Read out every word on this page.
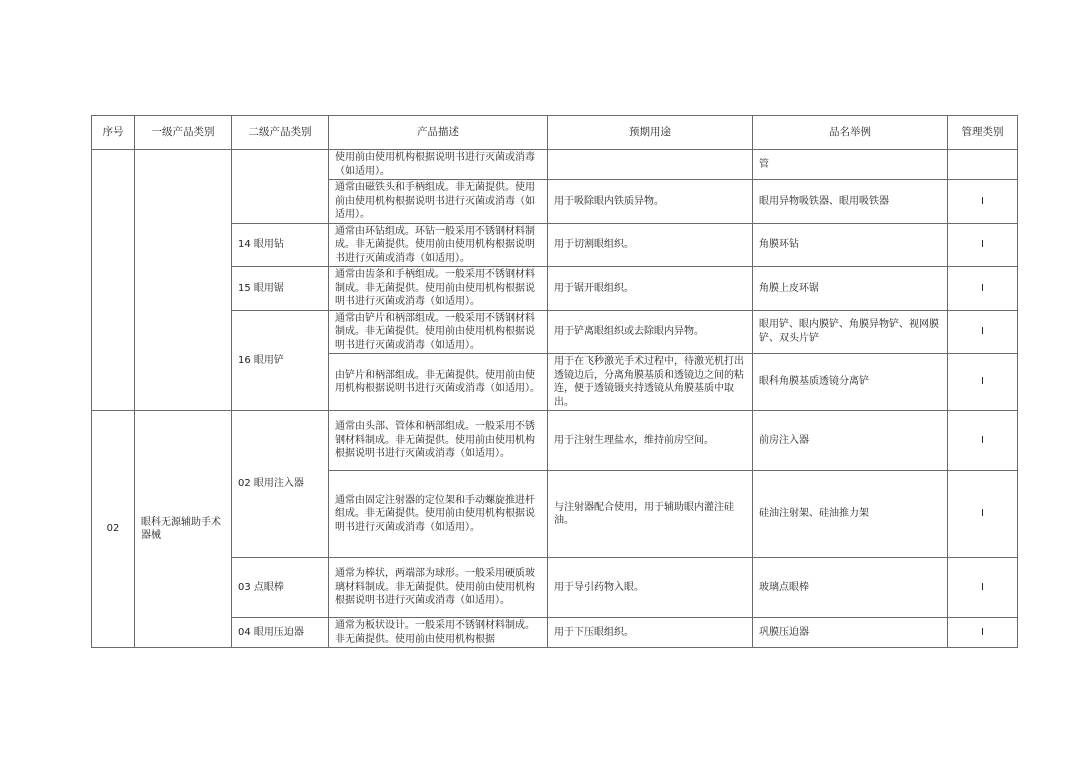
序号	一级产品类别	二级产品类别	产品描述	预期用途	品名举例	管理类别
			使用前由使用机构根据说明书进行灭菌或消毒（如适用）。		管	
			通常由磁铁头和手柄组成。非无菌提供。使用前由使用机构根据说明书进行灭菌或消毒（如适用）。	用于吸除眼内铁质异物。	眼用异物吸铁器、眼用吸铁器	I
		14 眼用钻	通常由环钻组成。环钻一般采用不锈钢材料制成。非无菌提供。使用前由使用机构根据说明书进行灭菌或消毒（如适用）。	用于切割眼组织。	角膜环钻	I
		15 眼用锯	通常由齿条和手柄组成。一般采用不锈钢材料制成。非无菌提供。使用前由使用机构根据说明书进行灭菌或消毒（如适用）。	用于锯开眼组织。	角膜上皮环锯	I
		16 眼用铲	通常由铲片和柄部组成。一般采用不锈钢材料制成。非无菌提供。使用前由使用机构根据说明书进行灭菌或消毒（如适用）。	用于铲离眼组织或去除眼内异物。	眼用铲、眼内膜铲、角膜异物铲、视网膜铲、双头片铲	I
			由铲片和柄部组成。非无菌提供。使用前由使用机构根据说明书进行灭菌或消毒（如适用）。	用于在飞秒激光手术过程中，待激光机打出透镜边后，分离角膜基质和透镜边之间的粘连，便于透镜镊夹持透镜从角膜基质中取出。	眼科角膜基质透镜分离铲	I
02	眼科无源辅助手术器械	02 眼用注入器	通常由头部、管体和柄部组成。一般采用不锈钢材料制成。非无菌提供。使用前由使用机构根据说明书进行灭菌或消毒（如适用）。	用于注射生理盐水，维持前房空间。	前房注入器	I
			通常由固定注射器的定位架和手动螺旋推进杆组成。非无菌提供。使用前由使用机构根据说明书进行灭菌或消毒（如适用）。	与注射器配合使用，用于辅助眼内灌注硅油。	硅油注射架、硅油推力架	I
		03 点眼棒	通常为棒状，两端部为球形。一般采用硬质玻璃材料制成。非无菌提供。使用前由使用机构根据说明书进行灭菌或消毒（如适用）。	用于导引药物入眼。	玻璃点眼棒	I
		04 眼用压迫器	通常为板状设计。一般采用不锈钢材料制成。非无菌提供。使用前由使用机构根据	用于下压眼组织。	巩膜压迫器	I
